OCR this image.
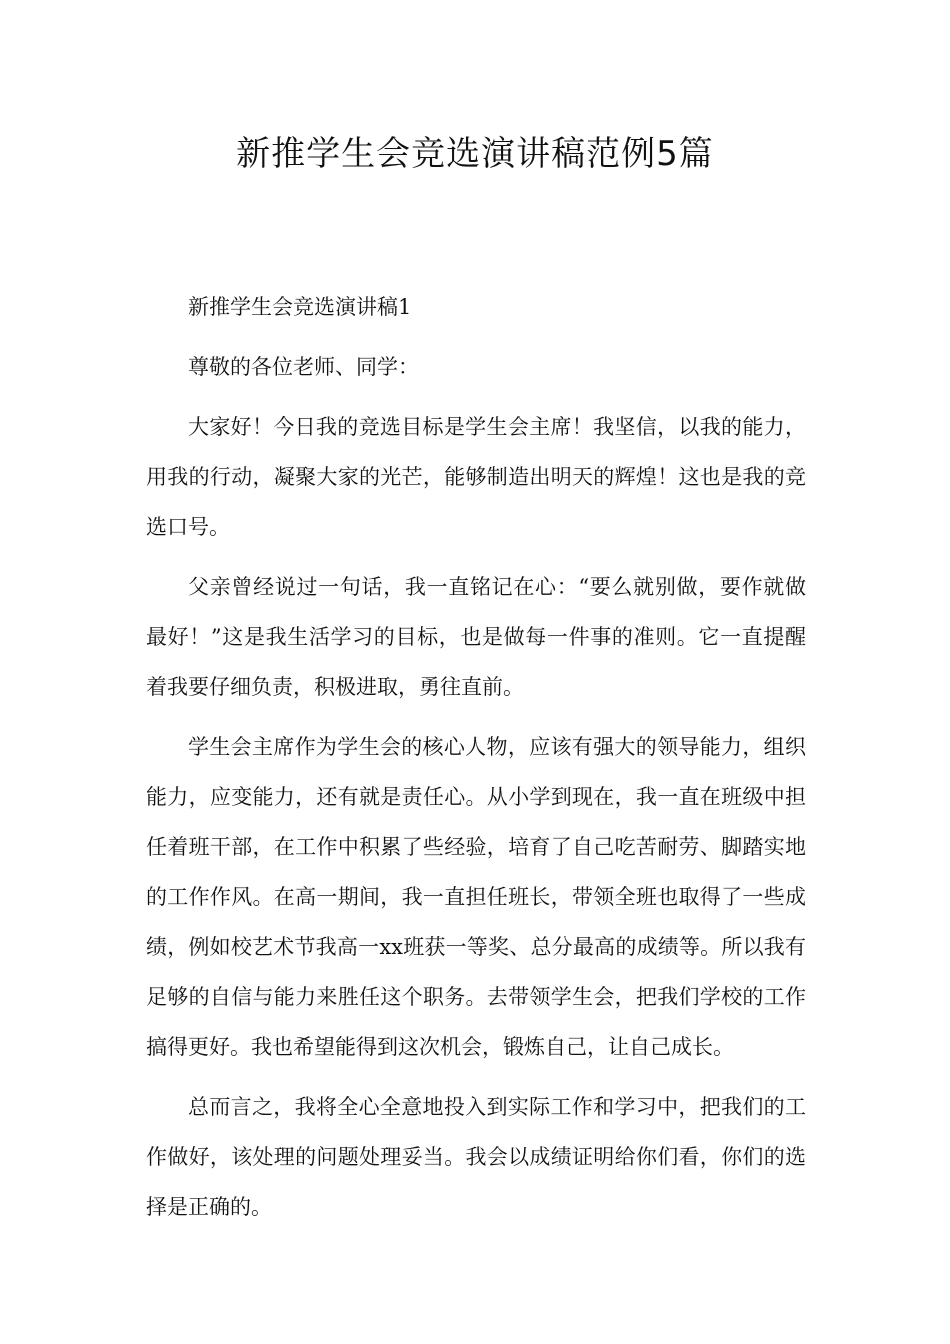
新推学生会竞选演讲稿范例5篇

新推学生会竞选演讲稿1

尊敬的各位老师、同学：

大家好！今日我的竞选目标是学生会主席！我坚信，以我的能力，用我的行动，凝聚大家的光芒，能够制造出明天的辉煌！这也是我的竞选口号。

父亲曾经说过一句话，我一直铭记在心：“要么就别做，要作就做最好！”这是我生活学习的目标，也是做每一件事的准则。它一直提醒着我要仔细负责，积极进取，勇往直前。

学生会主席作为学生会的核心人物，应该有强大的领导能力，组织能力，应变能力，还有就是责任心。从小学到现在，我一直在班级中担任着班干部，在工作中积累了些经验，培育了自己吃苦耐劳、脚踏实地的工作作风。在高一期间，我一直担任班长，带领全班也取得了一些成绩，例如校艺术节我高一xx班获一等奖、总分最高的成绩等。所以我有足够的自信与能力来胜任这个职务。去带领学生会，把我们学校的工作搞得更好。我也希望能得到这次机会，锻炼自己，让自己成长。

总而言之，我将全心全意地投入到实际工作和学习中，把我们的工作做好，该处理的问题处理妥当。我会以成绩证明给你们看，你们的选择是正确的。
